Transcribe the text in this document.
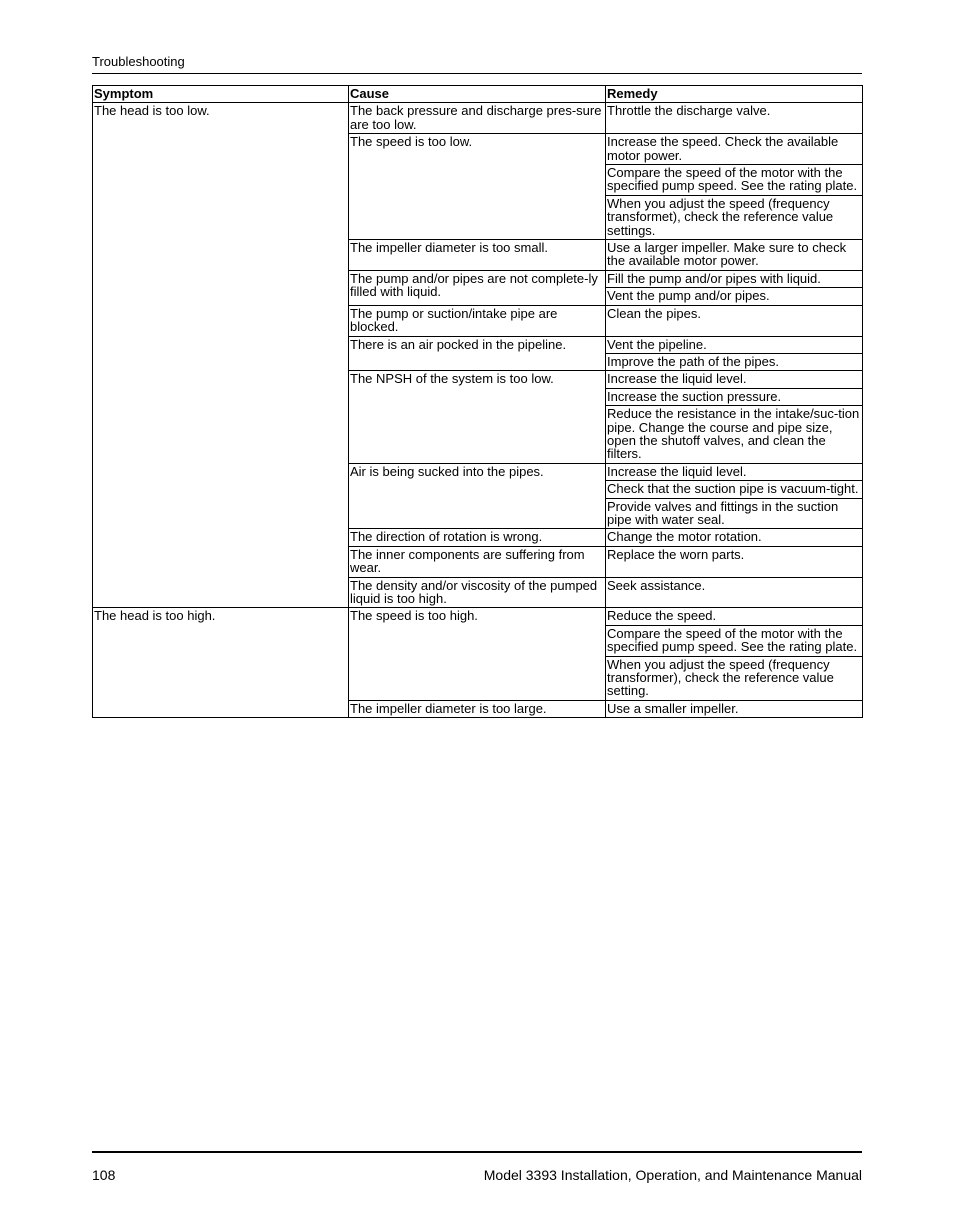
Troubleshooting
Symptom	Cause	Remedy
The head is too low.	The back pressure and discharge pres-sure are too low.	Throttle the discharge valve.
	The speed is too low.	Increase the speed. Check the available motor power.
		Compare the speed of the motor with the specified pump speed. See the rating plate.
		When you adjust the speed (frequency transformet), check the reference value settings.
	The impeller diameter is too small.	Use a larger impeller. Make sure to check the available motor power.
	The pump and/or pipes are not complete-ly filled with liquid.	Fill the pump and/or pipes with liquid.
		Vent the pump and/or pipes.
	The pump or suction/intake pipe are blocked.	Clean the pipes.
	There is an air pocked in the pipeline.	Vent the pipeline.
		Improve the path of the pipes.
	The NPSH of the system is too low.	Increase the liquid level.
		Increase the suction pressure.
		Reduce the resistance in the intake/suc-tion pipe. Change the course and pipe size, open the shutoff valves, and clean the filters.
	Air is being sucked into the pipes.	Increase the liquid level.
		Check that the suction pipe is vacuum-tight.
		Provide valves and fittings in the suction pipe with water seal.
	The direction of rotation is wrong.	Change the motor rotation.
	The inner components are suffering from wear.	Replace the worn parts.
	The density and/or viscosity of the pumped liquid is too high.	Seek assistance.
The head is too high.	The speed is too high.	Reduce the speed.
		Compare the speed of the motor with the specified pump speed. See the rating plate.
		When you adjust the speed (frequency transformer), check the reference value setting.
	The impeller diameter is too large.	Use a smaller impeller.
108	Model 3393 Installation, Operation, and Maintenance Manual
